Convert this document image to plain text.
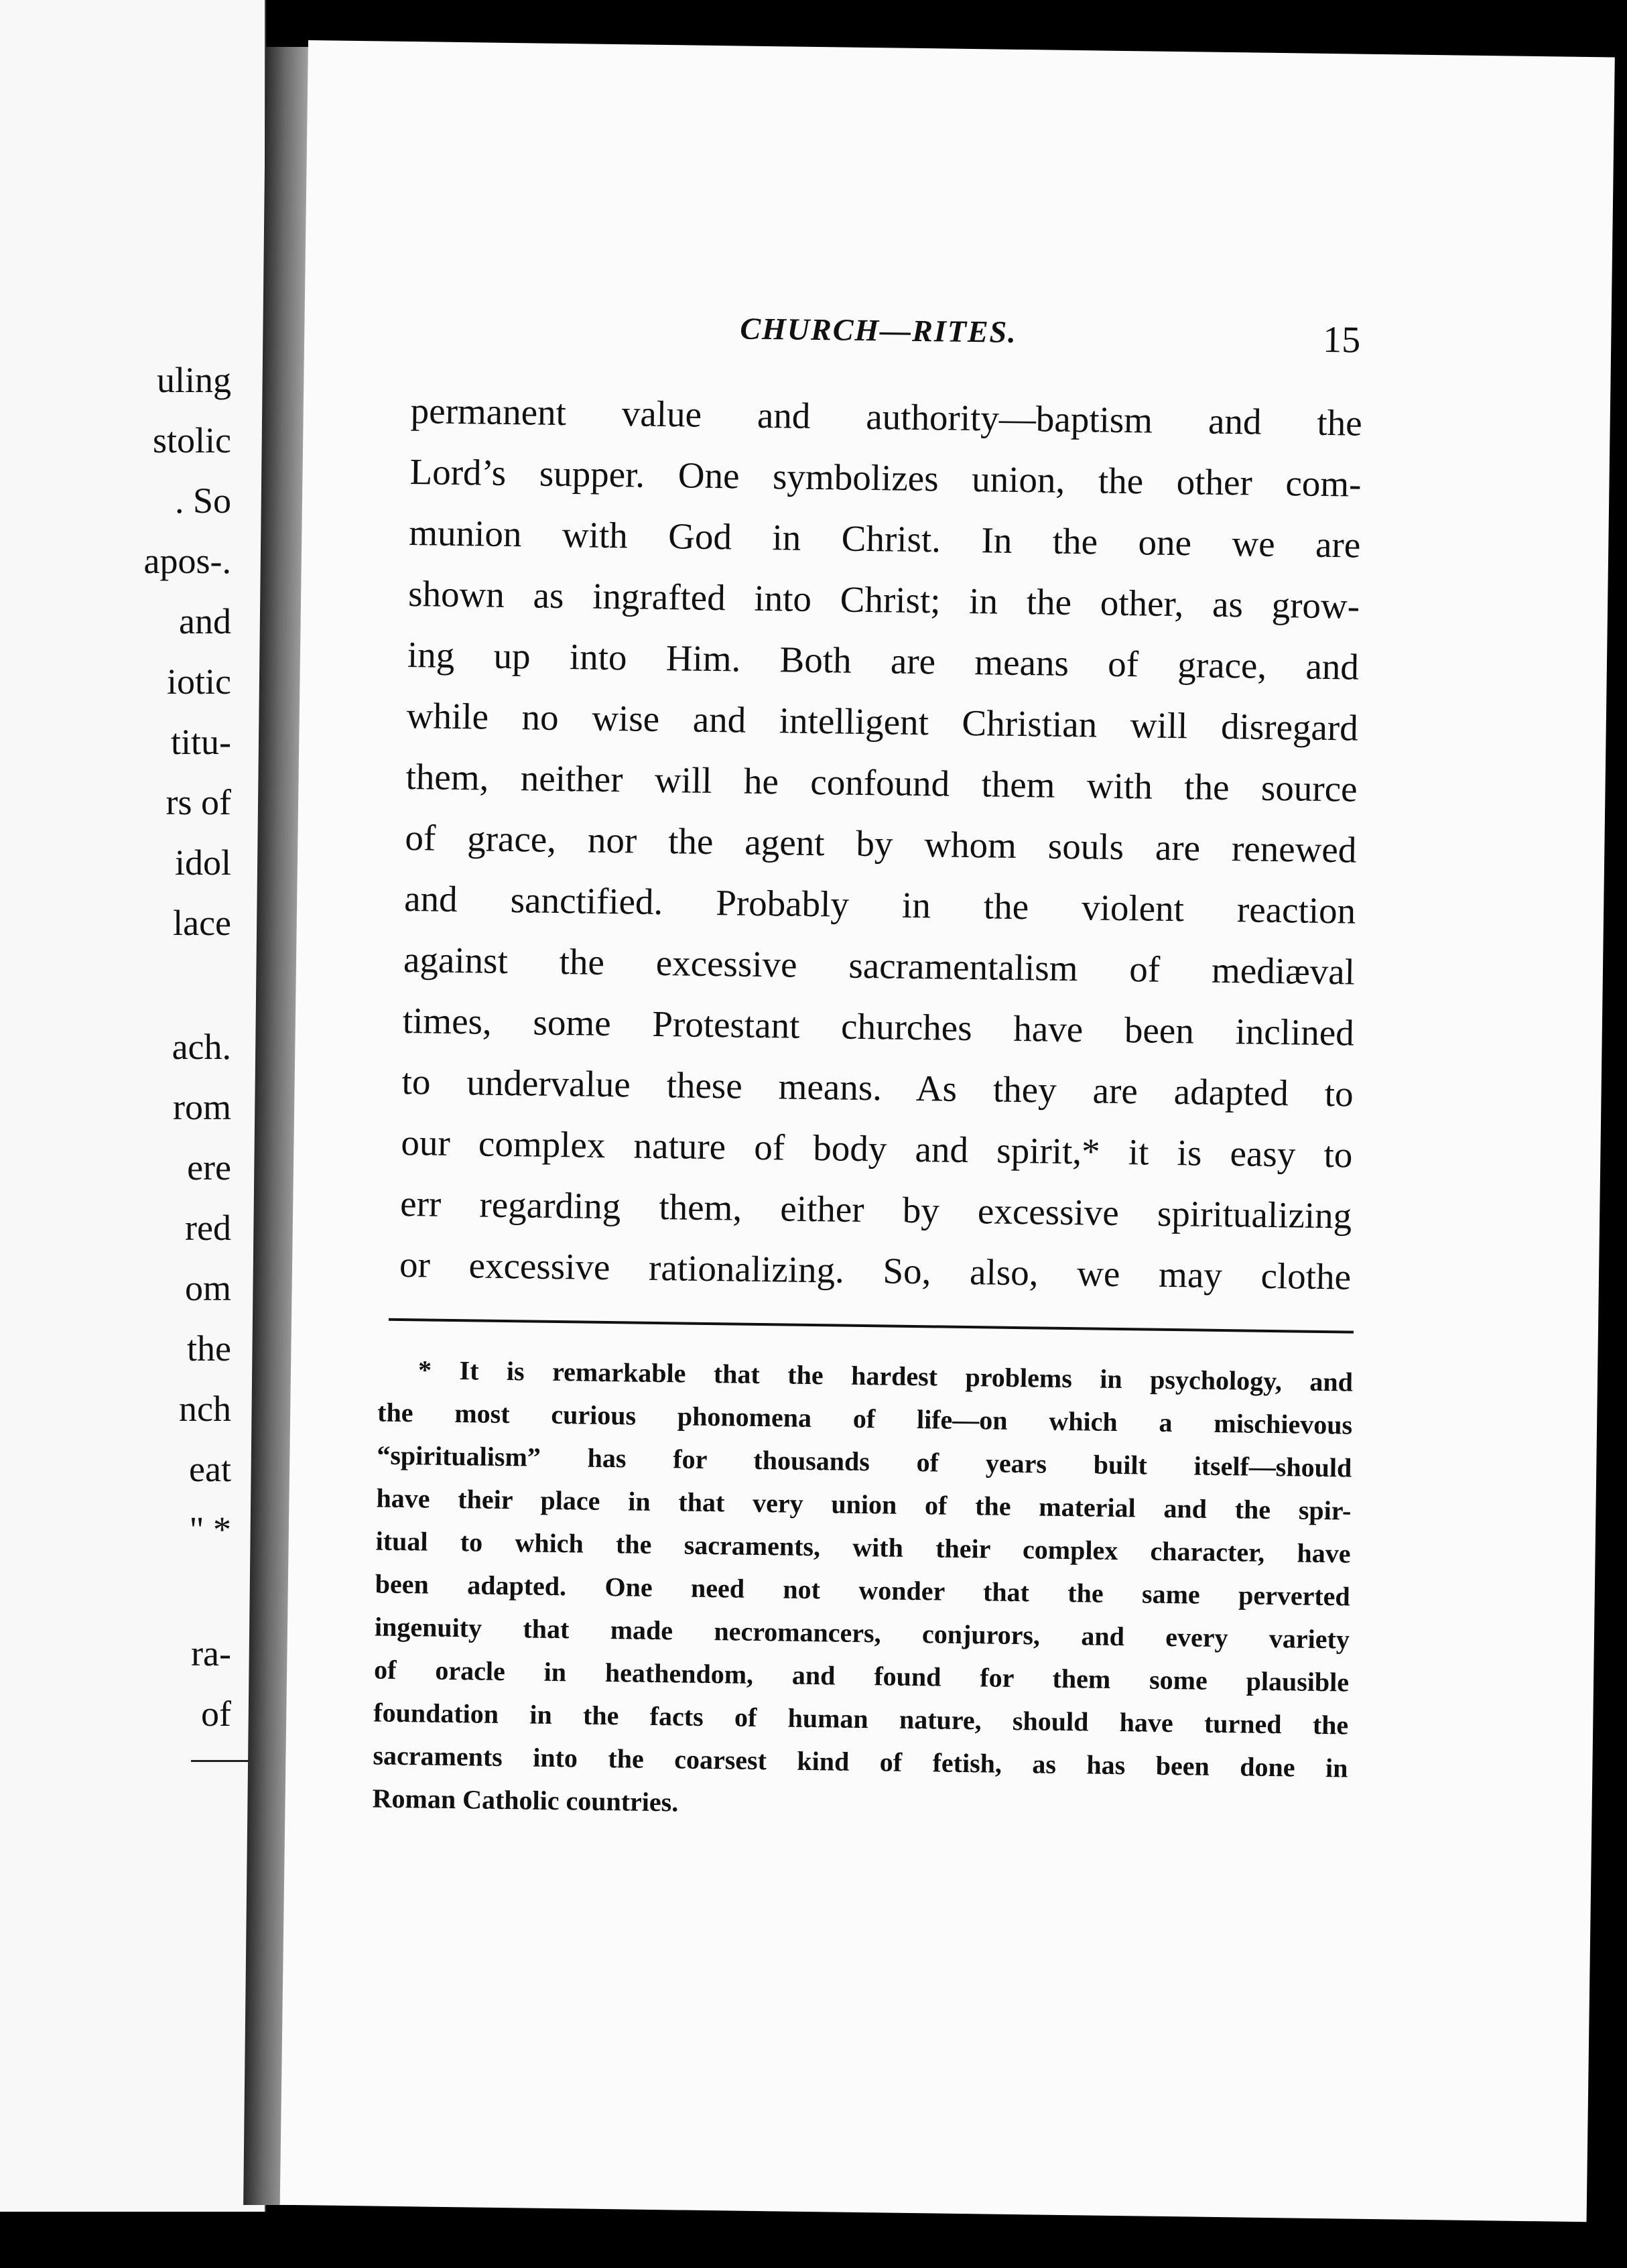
uling
stolic
. So
apos-.
and
iotic
titu-
rs of
idol
lace
ach.
rom
ere
red
om
the
nch
eat
" *
ra-
of
CHURCH—RITES.	15
permanent value and authority—baptism and the
Lord’s supper. One symbolizes union, the other com-
munion with God in Christ. In the one we are
shown as ingrafted into Christ; in the other, as grow-
ing up into Him. Both are means of grace, and
while no wise and intelligent Christian will disregard
them, neither will he confound them with the source
of grace, nor the agent by whom souls are renewed
and sanctified. Probably in the violent reaction
against the excessive sacramentalism of mediæval
times, some Protestant churches have been inclined
to undervalue these means. As they are adapted to
our complex nature of body and spirit,* it is easy to
err regarding them, either by excessive spiritualizing
or excessive rationalizing. So, also, we may clothe
* It is remarkable that the hardest problems in psychology, and
the most curious phonomena of life—on which a mischievous
“spiritualism” has for thousands of years built itself—should
have their place in that very union of the material and the spir-
itual to which the sacraments, with their complex character, have
been adapted. One need not wonder that the same perverted
ingenuity that made necromancers, conjurors, and every variety
of oracle in heathendom, and found for them some plausible
foundation in the facts of human nature, should have turned the
sacraments into the coarsest kind of fetish, as has been done in
Roman Catholic countries.
